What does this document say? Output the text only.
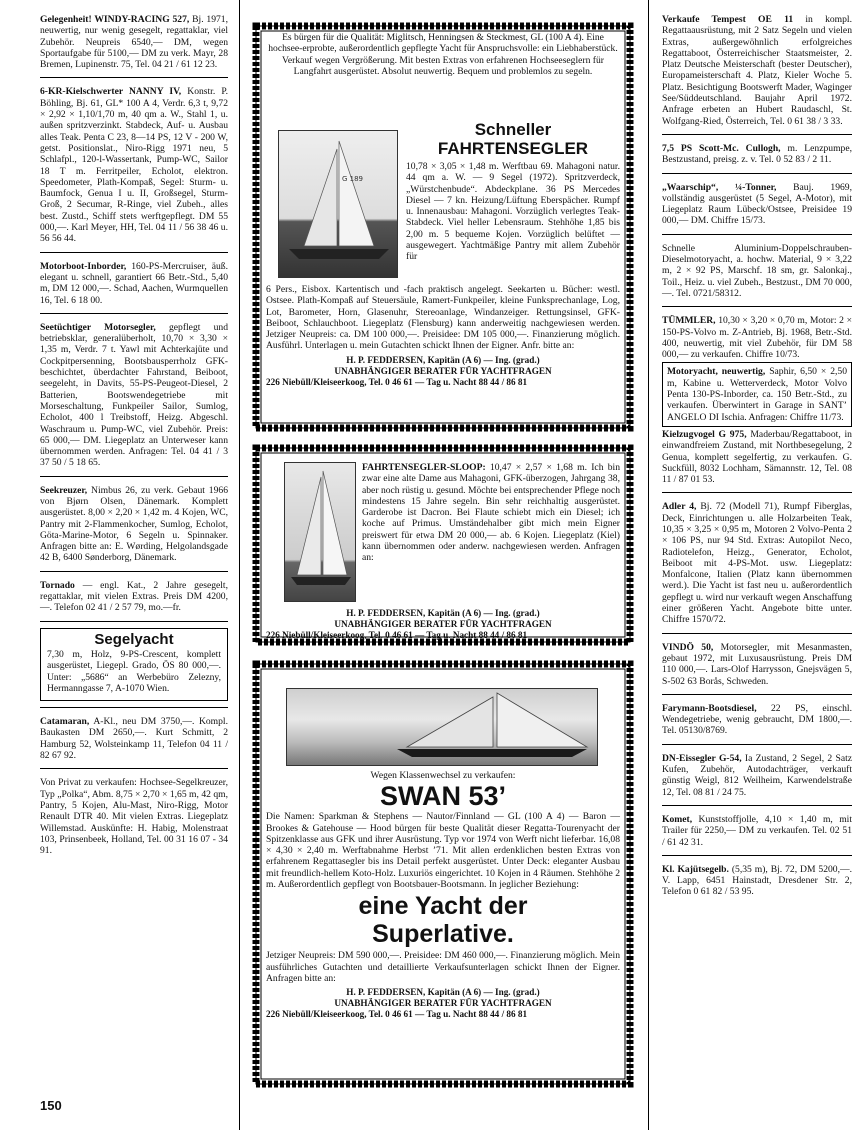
Gelegenheit! WINDY-RACING 527, Bj. 1971, neuwertig, nur wenig gesegelt, regattaklar, viel Zubehör. Neupreis 6540,— DM, wegen Sportaufgabe für 5100,— DM zu verk. Mayr, 28 Bremen, Lupinenstr. 75, Tel. 04 21 / 61 12 23.
6-KR-Kielschwerter NANNY IV, Konstr. P. Böhling, Bj. 61, GL* 100 A 4, Verdr. 6,3 t, 9,72 × 2,92 × 1,10/1,70 m, 40 qm a. W., Stahl 1, u. außen spritzverzinkt. Stabdeck, Auf- u. Ausbau alles Teak. Penta C 23, 8—14 PS, 12 V - 200 W, getst. Positionslat., Niro-Rigg 1971 neu, 5 Schlafpl., 120-l-Wassertank, Pump-WC, Sailor 18 T m. Ferritpeiler, Echolot, elektron. Speedometer, Plath-Kompaß, Segel: Sturm- u. Baumfock, Genua I u. II, Großsegel, Sturm-Groß, 2 Secumar, R-Ringe, viel Zubeh., alles best. Zustd., Schiff stets werftgepflegt. DM 55 000,—. Karl Meyer, HH, Tel. 04 11 / 56 38 46 u. 56 56 44.
Motorboot-Inborder, 160-PS-Mercruiser, äuß. elegant u. schnell, garantiert 66 Betr.-Std., 5,40 m, DM 12 000,—. Schad, Aachen, Wurmquellen 16, Tel. 6 18 00.
Seetüchtiger Motorsegler, gepflegt und betriebsklar, generalüberholt, 10,70 × 3,30 × 1,35 m, Verdr. 7 t. Yawl mit Achterkajüte und Cockpitpersenning, Bootsbausperrholz GFK-beschichtet, überdachter Fahrstand, Beiboot, seegeleht, in Davits, 55-PS-Peugeot-Diesel, 2 Batterien, Bootswendegetriebe mit Morseschaltung, Funkpeiler Sailor, Sumlog, Echolot, 400 l Treibstoff, Heizg. Abgeschl. Waschraum u. Pump-WC, viel Zubehör. Preis: 65 000,— DM. Liegeplatz an Unterweser kann übernommen werden. Anfragen: Tel. 04 41 / 3 37 50 / 5 18 65.
Seekreuzer, Nimbus 26, zu verk. Gebaut 1966 von Bjørn Olsen, Dänemark. Komplett ausgerüstet. 8,00 × 2,20 × 1,42 m. 4 Kojen, WC, Pantry mit 2-Flammenkocher, Sumlog, Echolot, Göta-Marine-Motor, 6 Segeln u. Spinnaker. Anfragen bitte an: E. Wørding, Helgolandsgade 42 B, 6400 Sønderborg, Dänemark.
Tornado — engl. Kat., 2 Jahre gesegelt, regattaklar, mit vielen Extras. Preis DM 4200,—. Telefon 02 41 / 2 57 79, mo.—fr.
Segelyacht
7,30 m, Holz, 9-PS-Crescent, komplett ausgerüstet, Liegepl. Grado, ÖS 80 000,—. Unter: „5686“ an Werbebüro Zelezny, Hermanngasse 7, A-1070 Wien.
Catamaran, A-Kl., neu DM 3750,—. Kompl. Baukasten DM 2650,—. Kurt Schmitt, 2 Hamburg 52, Wolsteinkamp 11, Telefon 04 11 / 82 67 92.
Von Privat zu verkaufen: Hochsee-Segelkreuzer, Typ „Polka“, Abm. 8,75 × 2,70 × 1,65 m, 42 qm, Pantry, 5 Kojen, Alu-Mast, Niro-Rigg, Motor Renault DTR 40. Mit vielen Extras. Liegeplatz Willemstad. Auskünfte: H. Habig, Molenstraat 103, Prinsenbeek, Holland, Tel. 00 31 16 07 - 34 91.
150
Es bürgen für die Qualität: Miglitsch, Henningsen & Steckmest, GL (100 A 4). Eine hochsee-erprobte, außerordentlich gepflegte Yacht für Anspruchsvolle: ein Liebhaberstück. Verkauf wegen Vergrößerung. Mit besten Extras von erfahrenen Hochseeseglern für Langfahrt ausgerüstet. Absolut neuwertig. Bequem und problemlos zu segeln.
G 189
Schneller
FAHRTENSEGLER
10,78 × 3,05 × 1,48 m. Werftbau 69. Mahagoni natur. 44 qm a. W. — 9 Segel (1972). Spritzverdeck, „Würstchenbude“. Abdeckplane. 36 PS Mercedes Diesel — 7 kn. Heizung/Lüftung Eberspächer. Rumpf u. Innenausbau: Mahagoni. Vorzüglich verlegtes Teak-Stabdeck. Viel heller Lebensraum. Stehhöhe 1,85 bis 2,00 m. 5 bequeme Kojen. Vorzüglich belüftet — ausgewegert. Yachtmäßige Pantry mit allem Zubehör für
6 Pers., Eisbox. Kartentisch und -fach praktisch angelegt. Seekarten u. Bücher: westl. Ostsee. Plath-Kompaß auf Steuersäule, Ramert-Funkpeiler, kleine Funksprechanlage, Log, Lot, Barometer, Horn, Glasenuhr, Stereoanlage, Windanzeiger. Rettungsinsel, GFK-Beiboot, Schlauchboot. Liegeplatz (Flensburg) kann anderweitig nachgewiesen werden. Jetziger Neupreis: ca. DM 100 000,—. Preisidee: DM 105 000,—. Finanzierung möglich. Ausführl. Unterlagen u. mein Gutachten schickt Ihnen der Eigner. Anfr. bitte an:
H. P. FEDDERSEN, Kapitän (A 6) — Ing. (grad.)
UNABHÄNGIGER BERATER FÜR YACHTFRAGEN
226 Niebüll/Kleiseerkoog, Tel. 0 46 61 — Tag u. Nacht 88 44 / 86 81
FAHRTENSEGLER-SLOOP: 10,47 × 2,57 × 1,68 m. Ich bin zwar eine alte Dame aus Mahagoni, GFK-überzogen, Jahrgang 38, aber noch rüstig u. gesund. Möchte bei entsprechender Pflege noch mindestens 15 Jahre segeln. Bin sehr reichhaltig ausgerüstet. Garderobe ist Dacron. Bei Flaute schiebt mich ein Diesel; ich koche auf Primus. Umständehalber gibt mich mein Eigner preiswert für etwa DM 20 000,— ab. 6 Kojen. Liegeplatz (Kiel) kann übernommen oder anderw. nachgewiesen werden. Anfragen an:
H. P. FEDDERSEN, Kapitän (A 6) — Ing. (grad.)
UNABHÄNGIGER BERATER FÜR YACHTFRAGEN
226 Niebüll/Kleiseerkoog, Tel. 0 46 61 — Tag u. Nacht 88 44 / 86 81
Wegen Klassenwechsel zu verkaufen:
SWAN 53’
Die Namen: Sparkman & Stephens — Nautor/Finnland — GL (100 A 4) — Baron — Brookes & Gatehouse — Hood bürgen für beste Qualität dieser Regatta-Tourenyacht der Spitzenklasse aus GFK und ihrer Ausrüstung. Typ vor 1974 von Werft nicht lieferbar. 16,08 × 4,30 × 2,40 m. Werftabnahme Herbst ’71. Mit allen erdenklichen besten Extras von erfahrenem Regattasegler bis ins Detail perfekt ausgerüstet. Unter Deck: eleganter Ausbau mit freundlich-hellem Koto-Holz. Luxuriös eingerichtet. 10 Kojen in 4 Räumen. Stehhöhe 2 m. Außerordentlich gepflegt von Bootsbauer-Bootsmann. In jeglicher Beziehung:
eine Yacht der
Superlative.
Jetziger Neupreis: DM 590 000,—. Preisidee: DM 460 000,—. Finanzierung möglich. Mein ausführliches Gutachten und detaillierte Verkaufsunterlagen schickt Ihnen der Eigner. Anfragen bitte an:
H. P. FEDDERSEN, Kapitän (A 6) — Ing. (grad.)
UNABHÄNGIGER BERATER FÜR YACHTFRAGEN
226 Niebüll/Kleiseerkoog, Tel. 0 46 61 — Tag u. Nacht 88 44 / 86 81
Verkaufe Tempest OE 11 in kompl. Regattaausrüstung, mit 2 Satz Segeln und vielen Extras, außergewöhnlich erfolgreiches Regattaboot, Österreichischer Staatsmeister, 2. Platz Deutsche Meisterschaft (bester Deutscher), Europameisterschaft 4. Platz, Kieler Woche 5. Platz. Besichtigung Bootswerft Mader, Waginger See/Süddeutschland. Baujahr April 1972. Anfrage erbeten an Hubert Raudaschl, St. Wolfgang-Ried, Österreich, Tel. 0 61 38 / 3 33.
7,5 PS Scott-Mc. Cullogh, m. Lenzpumpe, Bestzustand, preisg. z. v. Tel. 0 52 83 / 2 11.
„Waarschip“, ¼-Tonner, Bauj. 1969, vollständig ausgerüstet (5 Segel, A-Motor), mit Liegeplatz Raum Lübeck/Ostsee, Preisidee 19 000,— DM. Chiffre 15/73.
Schnelle Aluminium-Doppelschrauben-Dieselmotoryacht, a. hochw. Material, 9 × 3,22 m, 2 × 92 PS, Marschf. 18 sm, gr. Salonkaj., Toil., Heiz. u. viel Zubeh., Bestzust., DM 70 000,—. Tel. 0721/58312.
TÜMMLER, 10,30 × 3,20 × 0,70 m, Motor: 2 × 150-PS-Volvo m. Z-Antrieb, Bj. 1968, Betr.-Std. 400, neuwertig, mit viel Zubehör, für DM 58 000,— zu verkaufen. Chiffre 10/73.
Motoryacht, neuwertig, Saphir, 6,50 × 2,50 m, Kabine u. Wetterverdeck, Motor Volvo Penta 130-PS-Inborder, ca. 150 Betr.-Std., zu verkaufen. Überwintert in Garage in SANT’ ANGELO DI Ischia. Anfragen: Chiffre 11/73.
Kielzugvogel G 975, Maderbau/Regattaboot, in einwandfreiem Zustand, mit Northbesegelung, 2 Genua, komplett segelfertig, zu verkaufen. G. Suckfüll, 8032 Lochham, Sämannstr. 12, Tel. 08 11 / 87 01 53.
Adler 4, Bj. 72 (Modell 71), Rumpf Fiberglas, Deck, Einrichtungen u. alle Holzarbeiten Teak, 10,35 × 3,25 × 0,95 m, Motoren 2 Volvo-Penta 2 × 106 PS, nur 94 Std. Extras: Autopilot Neco, Radiotelefon, Heizg., Generator, Echolot, Beiboot mit 4-PS-Mot. usw. Liegeplatz: Monfalcone, Italien (Platz kann übernommen werd.). Die Yacht ist fast neu u. außerordentlich gepflegt u. wird nur verkauft wegen Anschaffung einer größeren Yacht. Angebote bitte unter. Chiffre 1570/72.
VINDÖ 50, Motorsegler, mit Mesanmasten, gebaut 1972, mit Luxusausrüstung. Preis DM 110 000,—. Lars-Olof Harrysson, Gnejsvägen 5, S-502 63 Borås, Schweden.
Farymann-Bootsdiesel, 22 PS, einschl. Wendegetriebe, wenig gebraucht, DM 1800,—. Tel. 05130/8769.
DN-Eissegler G-54, Ia Zustand, 2 Segel, 2 Satz Kufen, Zubehör, Autodachträger, verkauft günstig Weigl, 812 Weilheim, Karwendelstraße 12, Tel. 08 81 / 24 75.
Komet, Kunststoffjolle, 4,10 × 1,40 m, mit Trailer für 2250,— DM zu verkaufen. Tel. 02 51 / 61 42 31.
Kl. Kajütsegelb. (5,35 m), Bj. 72, DM 5200,—. V. Lapp, 6451 Hainstadt, Dresdener Str. 2, Telefon 0 61 82 / 53 95.
